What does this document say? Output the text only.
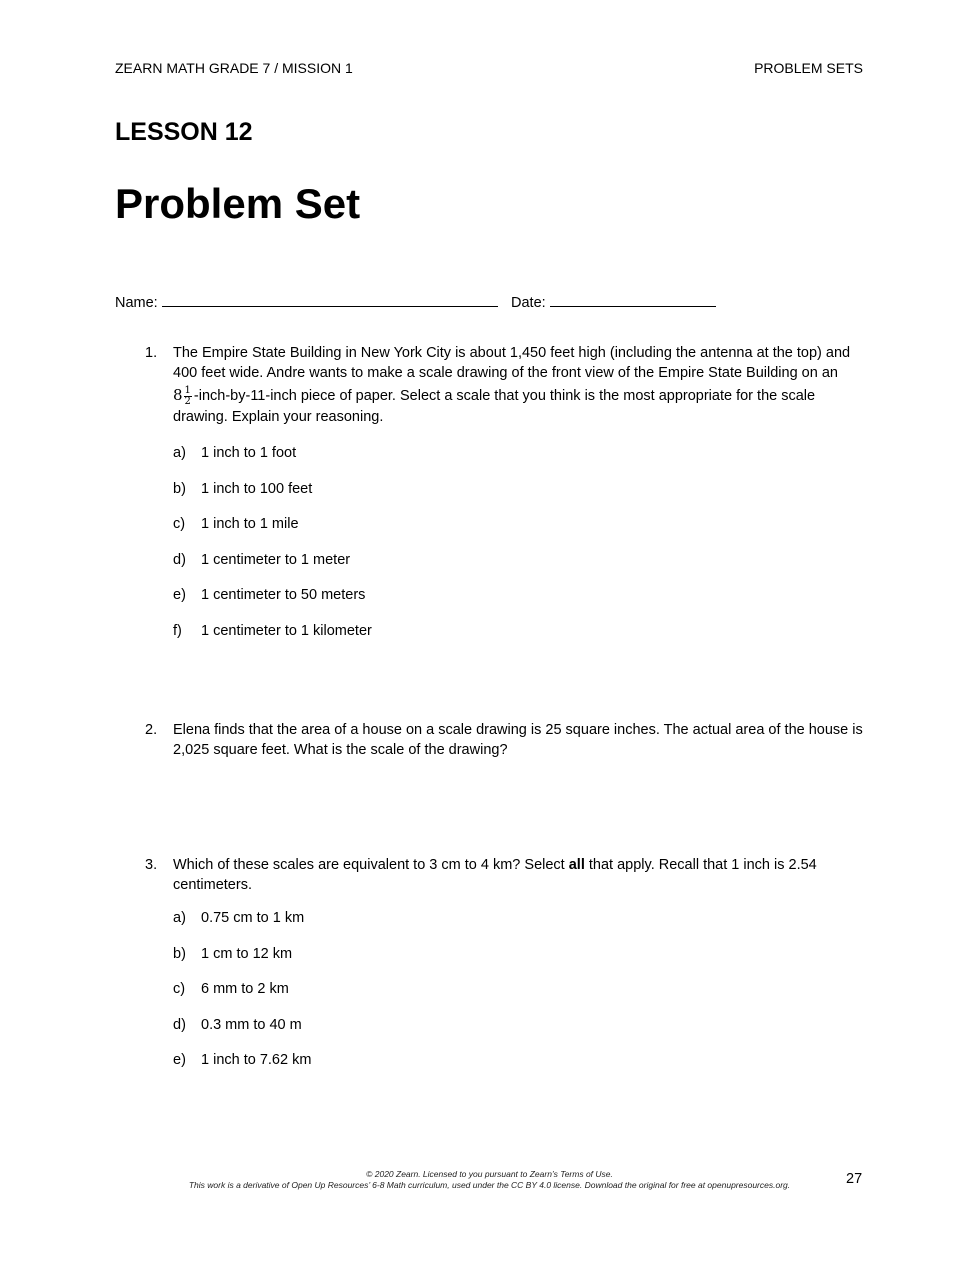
ZEARN MATH GRADE 7 / MISSION 1	PROBLEM SETS
LESSON 12
Problem Set
Name:	Date:
1. The Empire State Building in New York City is about 1,450 feet high (including the antenna at the top) and
400 feet wide. Andre wants to make a scale drawing of the front view of the Empire State Building on an
$8 \frac{1}{2}$ -inch-by-11-inch piece of paper. Select a scale that you think is the most appropriate for the scale
drawing. Explain your reasoning.
a) 1 inch to 1 foot
b) 1 inch to 100 feet
c) 1 inch to 1 mile
d) 1 centimeter to 1 meter
e) 1 centimeter to 50 meters
f) 1 centimeter to 1 kilometer
2. Elena finds that the area of a house on a scale drawing is 25 square inches. The actual area of the house is
2,025 square feet. What is the scale of the drawing?
3. Which of these scales are equivalent to 3 cm to 4 km? Select all that apply. Recall that 1 inch is 2.54
centimeters.
a) 0.75 cm to 1 km
b) 1 cm to 12 km
c) 6 mm to 2 km
d) 0.3 mm to 40 m
e) 1 inch to 7.62 km
© 2020 Zearn. Licensed to you pursuant to Zearn’s Terms of Use.
This work is a derivative of Open Up Resources’ 6-8 Math curriculum, used under the CC BY 4.0 license. Download the original for free at openupresources.org.	27
